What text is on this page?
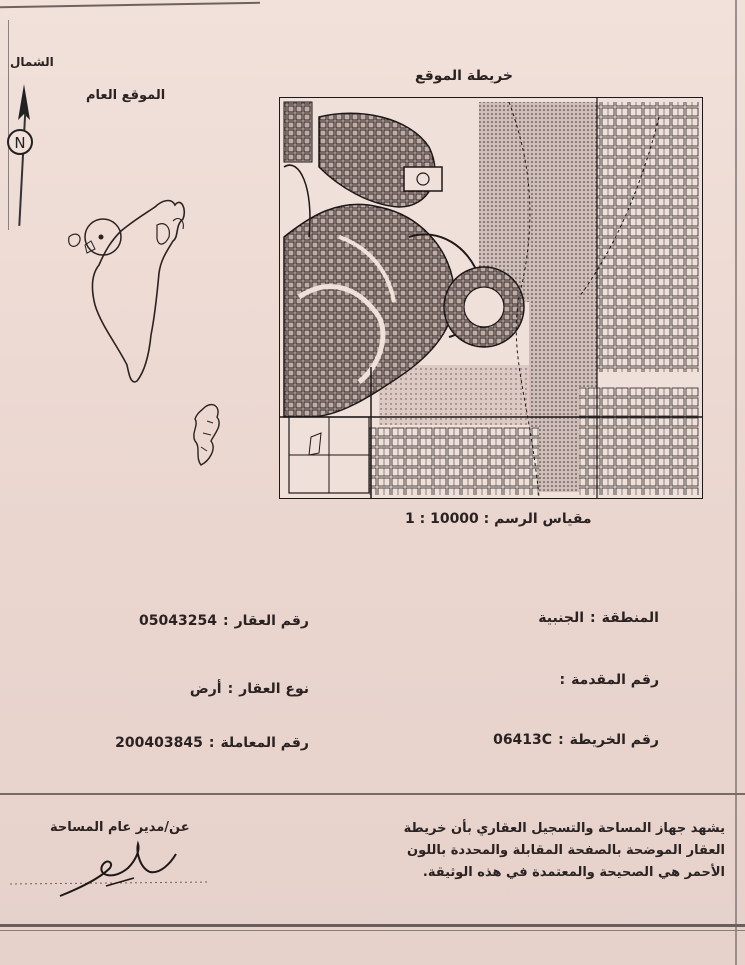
الشمال
N
الموقع العام
خريطة الموقع
مقياس الرسم : 1 : 10000
المنطقة:الجنبية
رقم العقار:05043254
رقم المقدمة:
نوع العقار:أرض
رقم الخريطة:06413C
رقم المعاملة:200403845
يشهد جهاز المساحة والتسجيل العقاري بأن خريطة
العقار الموضحة بالصفحة المقابلة والمحددة باللون
الأحمر هي الصحيحة والمعتمدة في هذه الوثيقة.
عن/مدير عام المساحة
